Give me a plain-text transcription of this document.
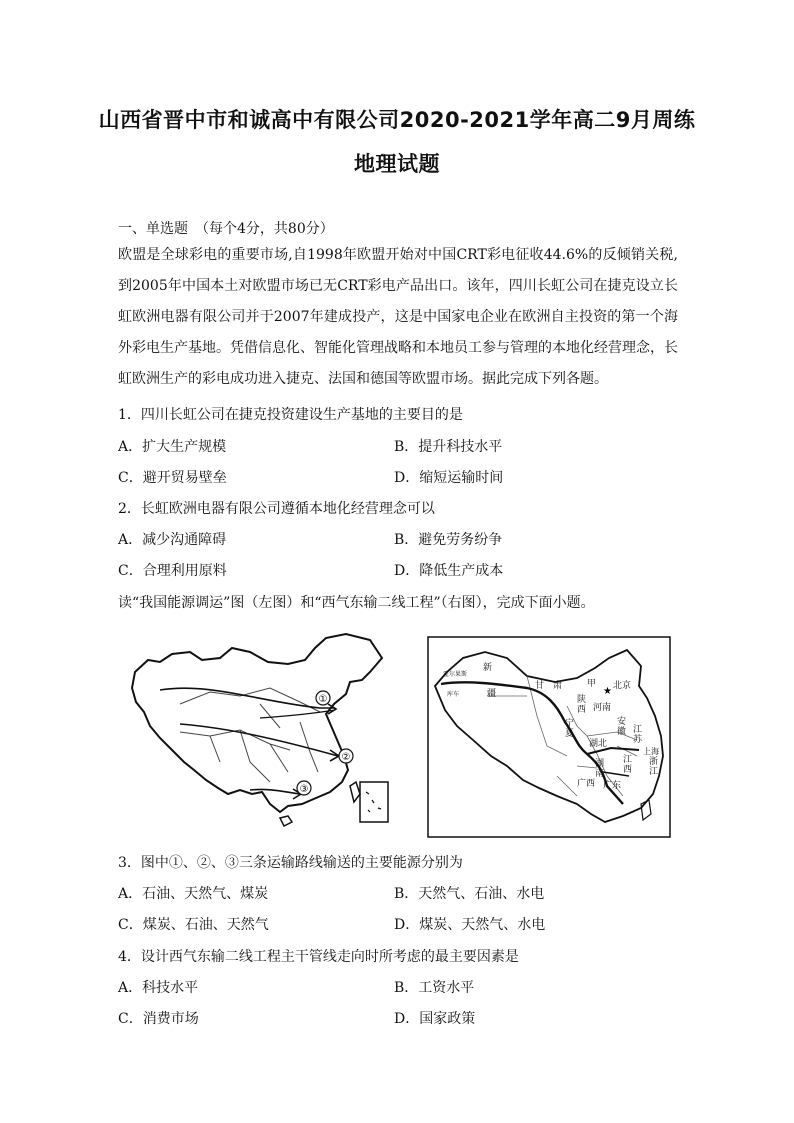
山西省晋中市和诚高中有限公司2020-2021学年高二9月周练
地理试题
一、单选题　（每个4分，共80分）
欧盟是全球彩电的重要市场,自1998年欧盟开始对中国CRT彩电征收44.6%的反倾销关税,到2005年中国本土对欧盟市场已无CRT彩电产品出口。该年，四川长虹公司在捷克设立长虹欧洲电器有限公司并于2007年建成投产，这是中国家电企业在欧洲自主投资的第一个海外彩电生产基地。凭借信息化、智能化管理战略和本地员工参与管理的本地化经营理念，长虹欧洲生产的彩电成功进入捷克、法国和德国等欧盟市场。据此完成下列各题。
1．四川长虹公司在捷克投资建设生产基地的主要目的是
A．扩大生产规模	B．提升科技水平
C．避开贸易壁垒	D．缩短运输时间
2．长虹欧洲电器有限公司遵循本地化经营理念可以
A．减少沟通障碍	B．避免劳务纷争
C．合理利用原料	D．降低生产成本
读“我国能源调运”图（左图）和“西气东输二线工程”（右图），完成下面小题。
①
②
③
★
新
疆
霍尔果斯
库车
甘　肃	甲 北京
陕
西 河南
宁
夏
安
徽 江
苏
上海
湖北
湖
南
江
西
浙
江
广西 广东
3．图中①、②、③三条运输路线输送的主要能源分别为
A．石油、天然气、煤炭	B．天然气、石油、水电
C．煤炭、石油、天然气	D．煤炭、天然气、水电
4．设计西气东输二线工程主干管线走向时所考虑的最主要因素是
A．科技水平	B．工资水平
C．消费市场	D．国家政策
